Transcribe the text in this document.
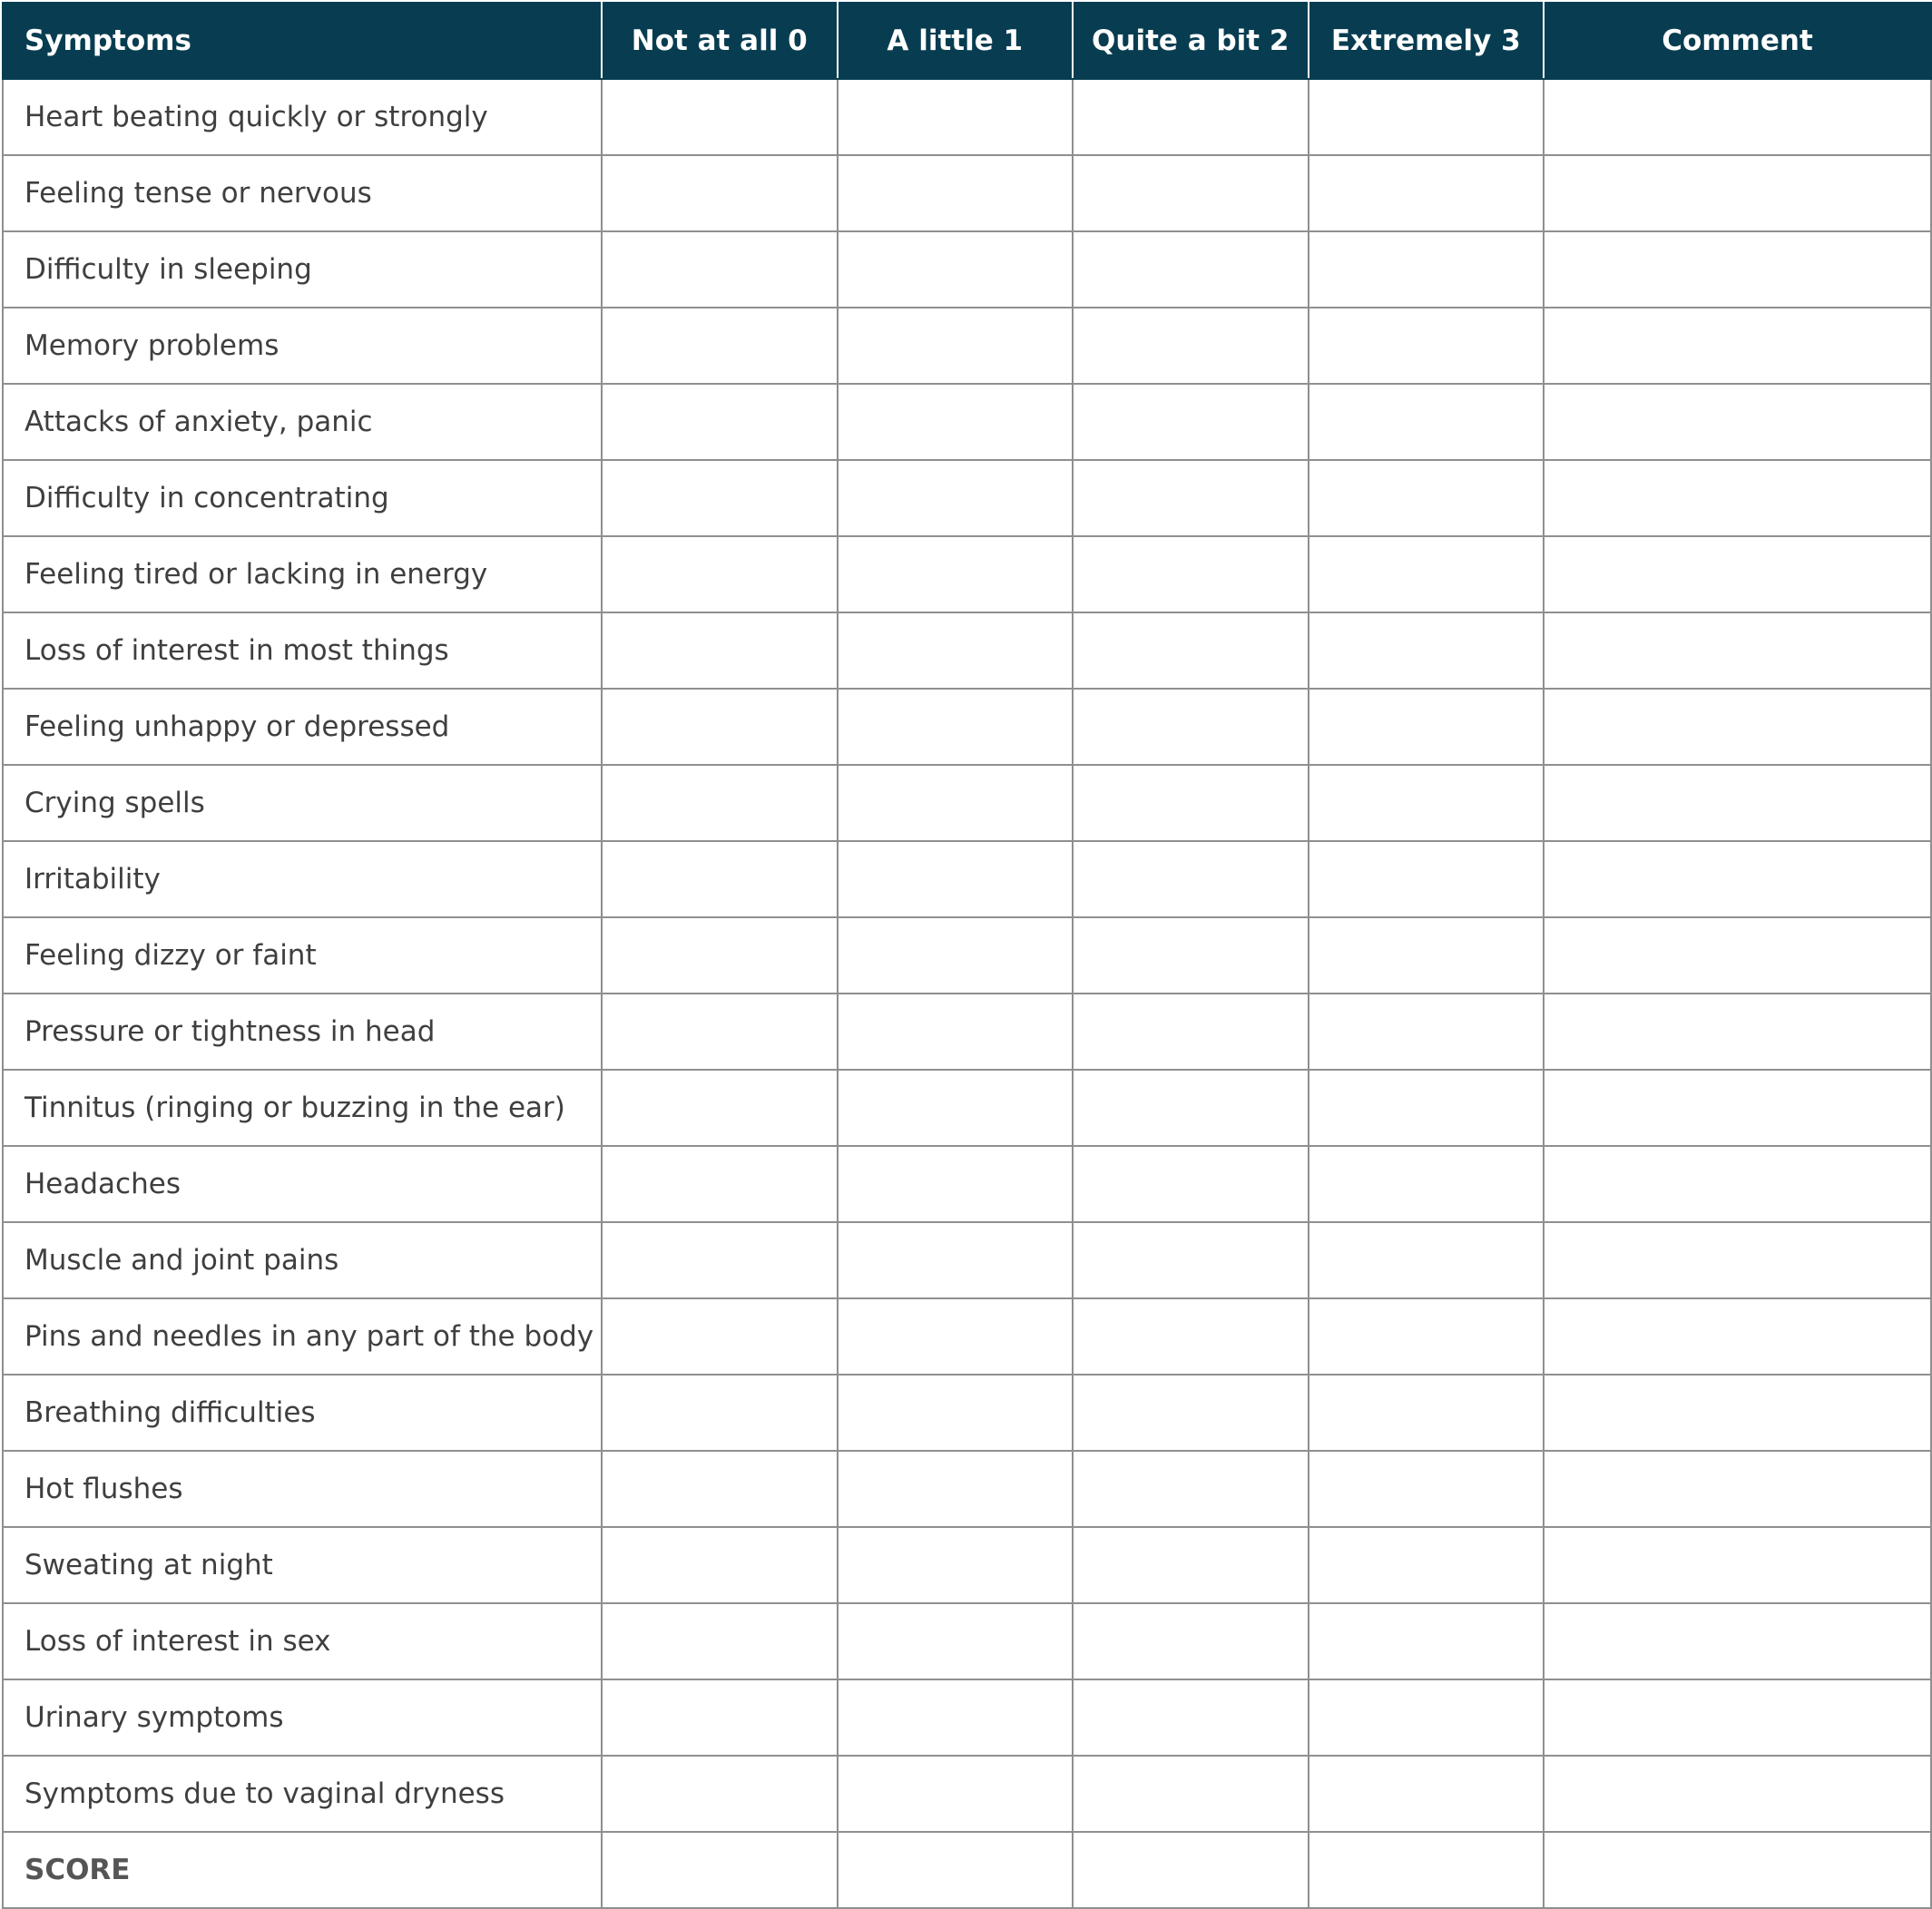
Symptoms	Not at all 0	A little 1	Quite a bit 2	Extremely 3	Comment
Heart beating quickly or strongly					
Feeling tense or nervous					
Difficulty in sleeping					
Memory problems					
Attacks of anxiety, panic					
Difficulty in concentrating					
Feeling tired or lacking in energy					
Loss of interest in most things					
Feeling unhappy or depressed					
Crying spells					
Irritability					
Feeling dizzy or faint					
Pressure or tightness in head					
Tinnitus (ringing or buzzing in the ear)					
Headaches					
Muscle and joint pains					
Pins and needles in any part of the body					
Breathing difficulties					
Hot flushes					
Sweating at night					
Loss of interest in sex					
Urinary symptoms					
Symptoms due to vaginal dryness					
SCORE					
